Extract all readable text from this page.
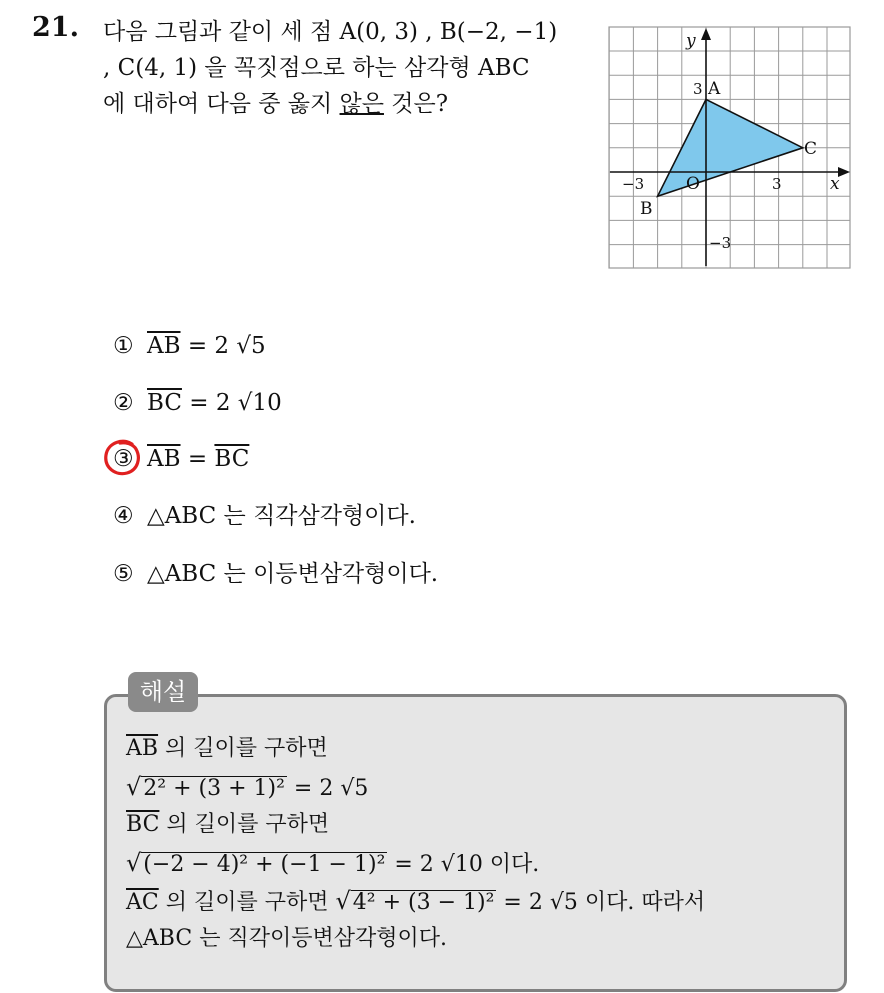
21. 다음 그림과 같이 세 점 A(0, 3) , B(−2, −1)
, C(4, 1) 을 꼭짓점으로 하는 삼각형 ABC
에 대하여 다음 중 옳지 않은 것은?
x
y
O
−3	3
3
−3
A
B
C
① $\overline{AB} = 2$ √5
② $\overline{BC} = 2$ √10
③ $\overline{AB} = \overline{BC}$
④ △ABC 는 직각삼각형이다.
⑤ △ABC 는 이등변삼각형이다.
해설
$\overline{AB}$ 의 길이를 구하면
√2² + (3 + 1)² = 2 √5
$\overline{BC}$ 의 길이를 구하면
√(−2 − 4)² + (−1 − 1)² = 2 √10 이다.
$\overline{AC}$ 의 길이를 구하면 √4² + (3 − 1)² = 2 √5 이다. 따라서
△ABC 는 직각이등변삼각형이다.
